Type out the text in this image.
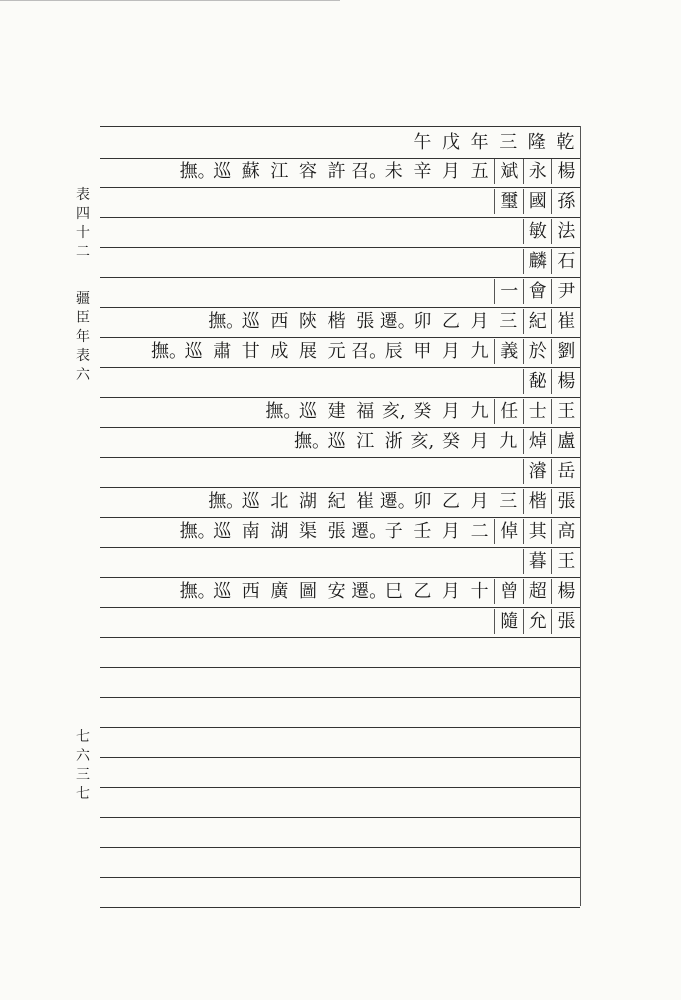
表
四
十
二
疆
臣
年
表
六
七
六
三
七
乾
隆
三
年
戊
午
楊
永
斌
五
月
辛
未
召。
許
容
江
蘇
巡
撫。
孫
國
璽
法
敏
石
麟
尹
會
一
崔
紀
三
月
乙
卯
遷。
張
楷
陝
西
巡
撫。
劉
於
義
九
月
甲
辰
召。
元
展
成
甘
肅
巡
撫。
楊
馝
王
士
任
九
月
癸
亥,
福
建
巡
撫。
盧
焯
九
月
癸
亥,
浙
江
巡
撫。
岳
濬
張
楷
三
月
乙
卯
遷。
崔
紀
湖
北
巡
撫。
高
其
倬
二
月
壬
子
遷。
張
渠
湖
南
巡
撫。
王
暮
楊
超
曾
十
月
乙
巳
遷。
安
圖
廣
西
巡
撫。
張
允
隨
